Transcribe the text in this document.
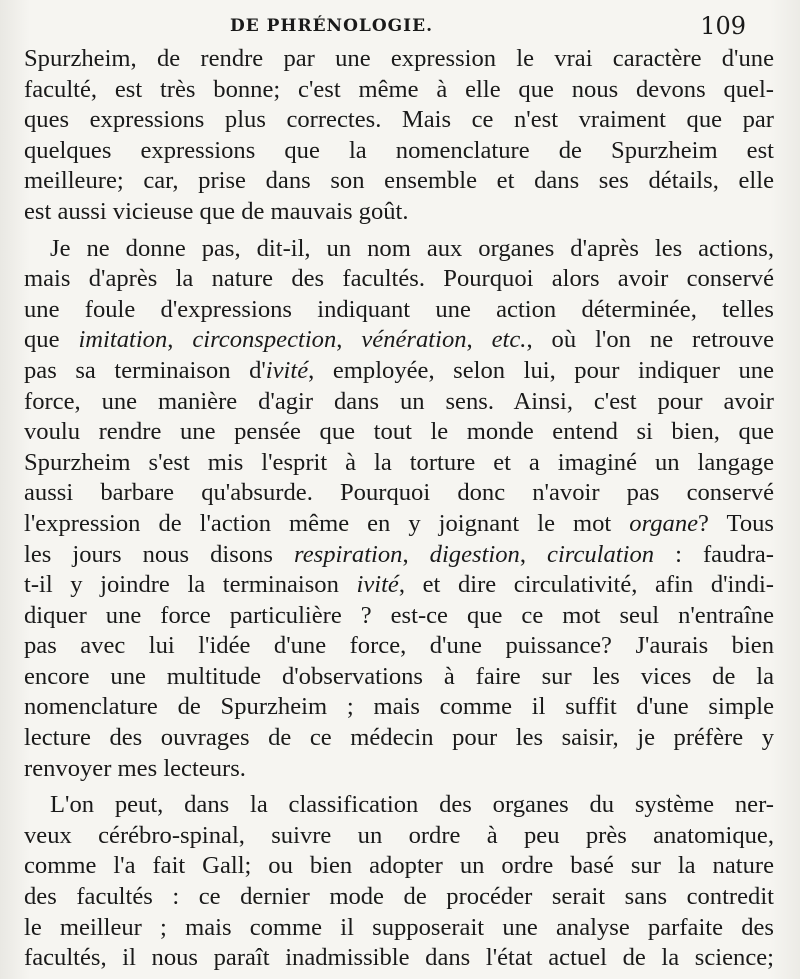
DE PHRÉNOLOGIE.	109
Spurzheim, de rendre par une expression le vrai caractère d'une
faculté, est très bonne; c'est même à elle que nous devons quel-
ques expressions plus correctes. Mais ce n'est vraiment que par
quelques expressions que la nomenclature de Spurzheim est
meilleure; car, prise dans son ensemble et dans ses détails, elle
est aussi vicieuse que de mauvais goût.
Je ne donne pas, dit-il, un nom aux organes d'après les actions,
mais d'après la nature des facultés. Pourquoi alors avoir conservé
une foule d'expressions indiquant une action déterminée, telles
que imitation, circonspection, vénération, etc., où l'on ne retrouve
pas sa terminaison d'ivité, employée, selon lui, pour indiquer une
force, une manière d'agir dans un sens. Ainsi, c'est pour avoir
voulu rendre une pensée que tout le monde entend si bien, que
Spurzheim s'est mis l'esprit à la torture et a imaginé un langage
aussi barbare qu'absurde. Pourquoi donc n'avoir pas conservé
l'expression de l'action même en y joignant le mot organe? Tous
les jours nous disons respiration, digestion, circulation : faudra-
t-il y joindre la terminaison ivité, et dire circulativité, afin d'indi-
diquer une force particulière ? est-ce que ce mot seul n'entraîne
pas avec lui l'idée d'une force, d'une puissance? J'aurais bien
encore une multitude d'observations à faire sur les vices de la
nomenclature de Spurzheim ; mais comme il suffit d'une simple
lecture des ouvrages de ce médecin pour les saisir, je préfère y
renvoyer mes lecteurs.
L'on peut, dans la classification des organes du système ner-
veux cérébro-spinal, suivre un ordre à peu près anatomique,
comme l'a fait Gall; ou bien adopter un ordre basé sur la nature
des facultés : ce dernier mode de procéder serait sans contredit
le meilleur ; mais comme il supposerait une analyse parfaite des
facultés, il nous paraît inadmissible dans l'état actuel de la science;
